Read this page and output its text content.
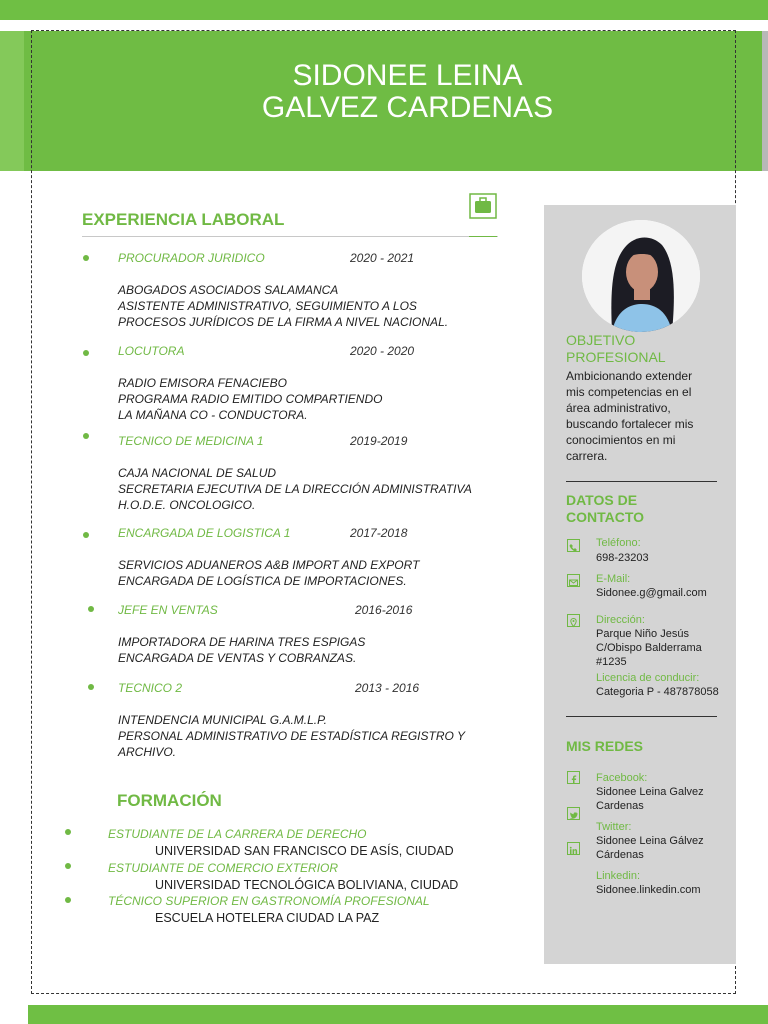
SIDONEE LEINA
GALVEZ CARDENAS
EXPERIENCIA LABORAL
PROCURADOR JURIDICO	2020 - 2021
ABOGADOS ASOCIADOS SALAMANCA
ASISTENTE ADMINISTRATIVO, SEGUIMIENTO A LOS
PROCESOS JURÍDICOS DE LA FIRMA A NIVEL NACIONAL.
LOCUTORA	2020 - 2020
RADIO EMISORA FENACIEBO
PROGRAMA RADIO EMITIDO COMPARTIENDO
LA MAÑANA CO - CONDUCTORA.
TECNICO DE MEDICINA 1	2019-2019
CAJA NACIONAL DE SALUD
SECRETARIA EJECUTIVA DE LA DIRECCIÓN ADMINISTRATIVA
H.O.D.E. ONCOLOGICO.
ENCARGADA DE LOGISTICA 1	2017-2018
SERVICIOS ADUANEROS A&B IMPORT AND EXPORT
ENCARGADA DE LOGÍSTICA DE IMPORTACIONES.
JEFE EN VENTAS	2016-2016
IMPORTADORA DE HARINA TRES ESPIGAS
ENCARGADA DE VENTAS Y COBRANZAS.
TECNICO 2	2013 - 2016
INTENDENCIA MUNICIPAL G.A.M.L.P.
PERSONAL ADMINISTRATIVO DE ESTADÍSTICA REGISTRO Y
ARCHIVO.
FORMACIÓN
ESTUDIANTE DE LA CARRERA DE DERECHO
UNIVERSIDAD SAN FRANCISCO DE ASÍS, CIUDAD
ESTUDIANTE DE COMERCIO EXTERIOR
UNIVERSIDAD TECNOLÓGICA BOLIVIANA, CIUDAD
TÉCNICO SUPERIOR EN GASTRONOMÍA PROFESIONAL
ESCUELA HOTELERA CIUDAD LA PAZ
OBJETIVO
PROFESIONAL
Ambicionando extender
mis competencias en el
área administrativo,
buscando fortalecer mis
conocimientos en mi
carrera.
DATOS DE
CONTACTO
Teléfono:
698-23203
E-Mail:
Sidonee.g@gmail.com
Dirección:
Parque Niño Jesús
C/Obispo Balderrama
#1235
Licencia de conducir:
Categoria P - 487878058
MIS REDES
Facebook:
Sidonee Leina Galvez
Cardenas
Twitter:
Sidonee Leina Gálvez
Cárdenas
Linkedin:
Sidonee.linkedin.com
